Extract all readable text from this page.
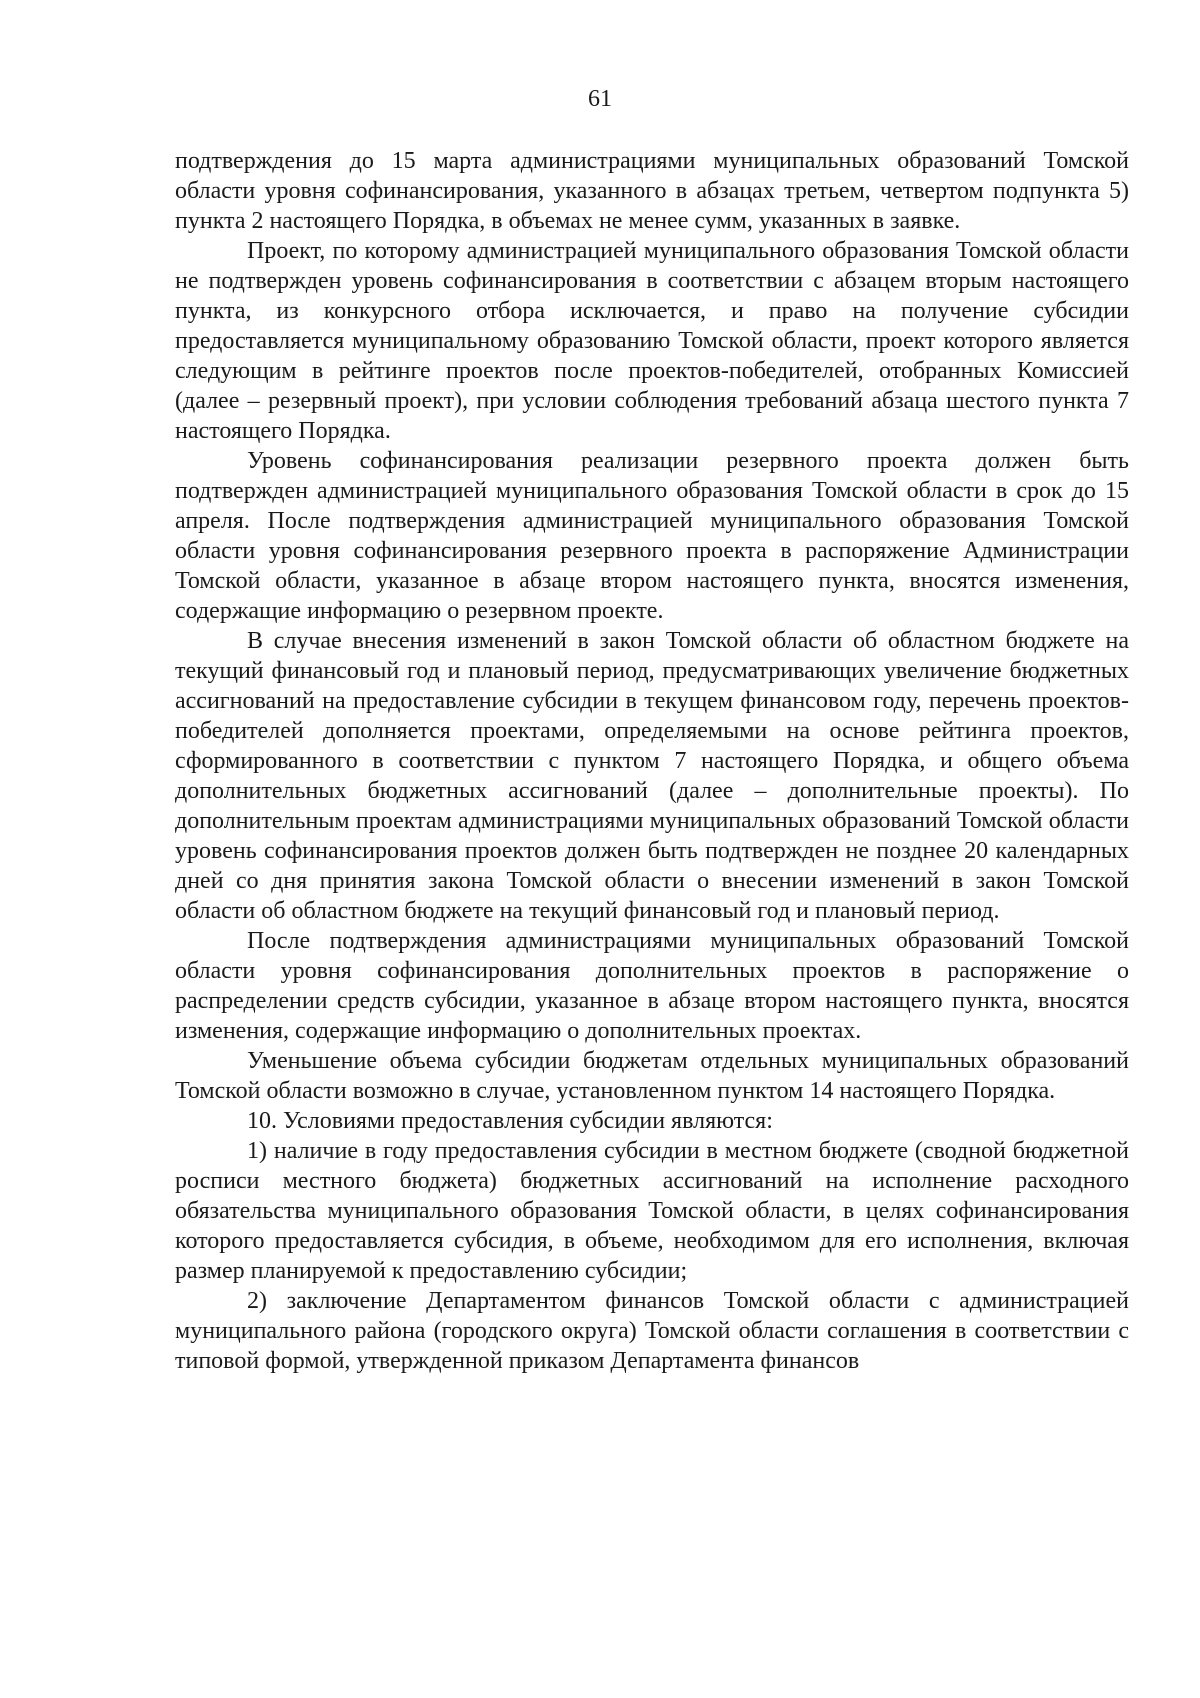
61

подтверждения до 15 марта администрациями муниципальных образований Томской области уровня софинансирования, указанного в абзацах третьем, четвертом подпункта 5) пункта 2 настоящего Порядка, в объемах не менее сумм, указанных в заявке.

Проект, по которому администрацией муниципального образования Томской области не подтвержден уровень софинансирования в соответствии с абзацем вторым настоящего пункта, из конкурсного отбора исключается, и право на получение субсидии предоставляется муниципальному образованию Томской области, проект которого является следующим в рейтинге проектов после проектов-победителей, отобранных Комиссией (далее – резервный проект), при условии соблюдения требований абзаца шестого пункта 7 настоящего Порядка.

Уровень софинансирования реализации резервного проекта должен быть подтвержден администрацией муниципального образования Томской области в срок до 15 апреля. После подтверждения администрацией муниципального образования Томской области уровня софинансирования резервного проекта в распоряжение Администрации Томской области, указанное в абзаце втором настоящего пункта, вносятся изменения, содержащие информацию о резервном проекте.

В случае внесения изменений в закон Томской области об областном бюджете на текущий финансовый год и плановый период, предусматривающих увеличение бюджетных ассигнований на предоставление субсидии в текущем финансовом году, перечень проектов-победителей дополняется проектами, определяемыми на основе рейтинга проектов, сформированного в соответствии с пунктом 7 настоящего Порядка, и общего объема дополнительных бюджетных ассигнований (далее – дополнительные проекты). По дополнительным проектам администрациями муниципальных образований Томской области уровень софинансирования проектов должен быть подтвержден не позднее 20 календарных дней со дня принятия закона Томской области о внесении изменений в закон Томской области об областном бюджете на текущий финансовый год и плановый период.

После подтверждения администрациями муниципальных образований Томской области уровня софинансирования дополнительных проектов в распоряжение о распределении средств субсидии, указанное в абзаце втором настоящего пункта, вносятся изменения, содержащие информацию о дополнительных проектах.

Уменьшение объема субсидии бюджетам отдельных муниципальных образований Томской области возможно в случае, установленном пунктом 14 настоящего Порядка.

10. Условиями предоставления субсидии являются:

1) наличие в году предоставления субсидии в местном бюджете (сводной бюджетной росписи местного бюджета) бюджетных ассигнований на исполнение расходного обязательства муниципального образования Томской области, в целях софинансирования которого предоставляется субсидия, в объеме, необходимом для его исполнения, включая размер планируемой к предоставлению субсидии;

2) заключение Департаментом финансов Томской области с администрацией муниципального района (городского округа) Томской области соглашения в соответствии с типовой формой, утвержденной приказом Департамента финансов
